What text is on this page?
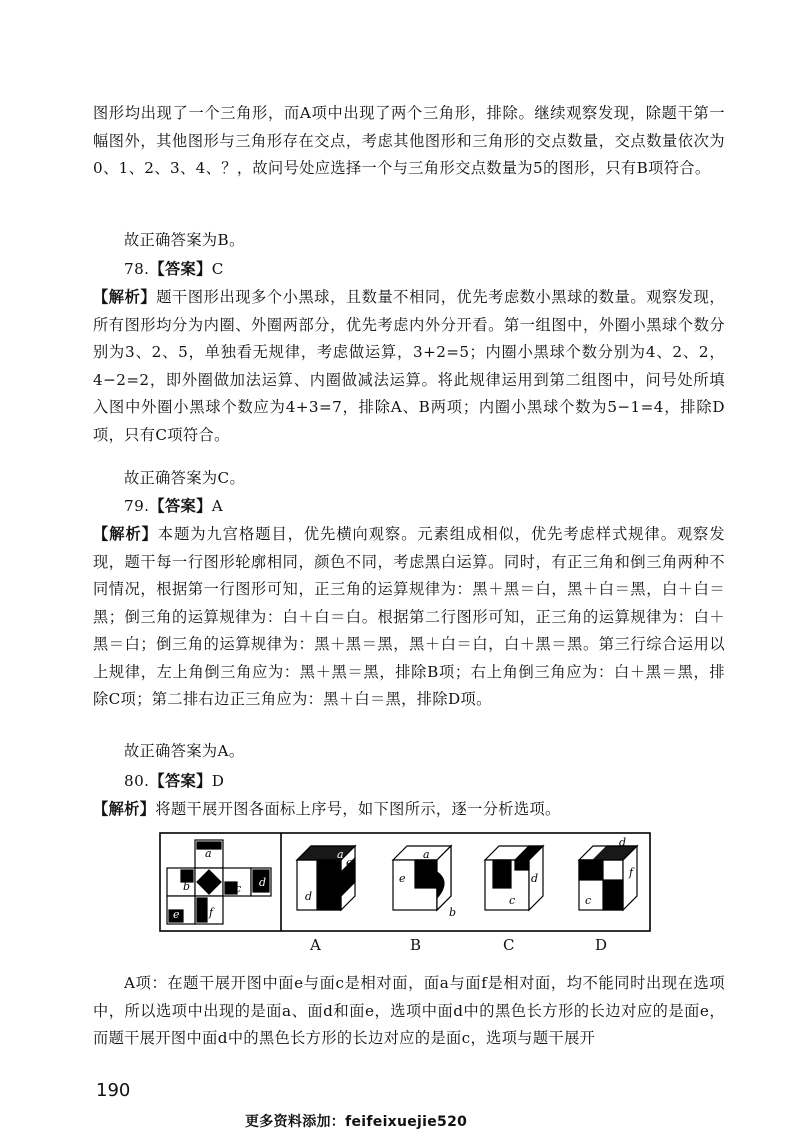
图形均出现了一个三角形，而A项中出现了两个三角形，排除。继续观察发现，除题干第一幅图外，其他图形与三角形存在交点，考虑其他图形和三角形的交点数量，交点数量依次为0、1、2、3、4、？，故问号处应选择一个与三角形交点数量为5的图形，只有B项符合。
故正确答案为B。
78.【答案】C
【解析】题干图形出现多个小黑球，且数量不相同，优先考虑数小黑球的数量。观察发现，所有图形均分为内圈、外圈两部分，优先考虑内外分开看。第一组图中，外圈小黑球个数分别为3、2、5，单独看无规律，考虑做运算，3+2=5；内圈小黑球个数分别为4、2、2，4−2=2，即外圈做加法运算、内圈做减法运算。将此规律运用到第二组图中，问号处所填入图中外圈小黑球个数应为4+3=7，排除A、B两项；内圈小黑球个数为5−1=4，排除D项，只有C项符合。
故正确答案为C。
79.【答案】A
【解析】本题为九宫格题目，优先横向观察。元素组成相似，优先考虑样式规律。观察发现，题干每一行图形轮廓相同，颜色不同，考虑黑白运算。同时，有正三角和倒三角两种不同情况，根据第一行图形可知，正三角的运算规律为：黑＋黑＝白，黑＋白＝黑，白＋白＝黑；倒三角的运算规律为：白＋白＝白。根据第二行图形可知，正三角的运算规律为：白＋黑＝白；倒三角的运算规律为：黑＋黑＝黑，黑＋白＝白，白＋黑＝黑。第三行综合运用以上规律，左上角倒三角应为：黑＋黑＝黑，排除B项；右上角倒三角应为：白＋黑＝黑，排除C项；第二排右边正三角应为：黑＋白＝黑，排除D项。
故正确答案为A。
80.【答案】D
【解析】将题干展开图各面标上序号，如下图所示，逐一分析选项。
a
b	c d
e	f
a
d
e
a
e
b
d
c
d
c
f
A	B	C	D
A项：在题干展开图中面e与面c是相对面，面a与面f是相对面，均不能同时出现在选项中，所以选项中出现的是面a、面d和面e，选项中面d中的黑色长方形的长边对应的是面e，而题干展开图中面d中的黑色长方形的长边对应的是面c，选项与题干展开
190
更多资料添加：feifeixuejie520
